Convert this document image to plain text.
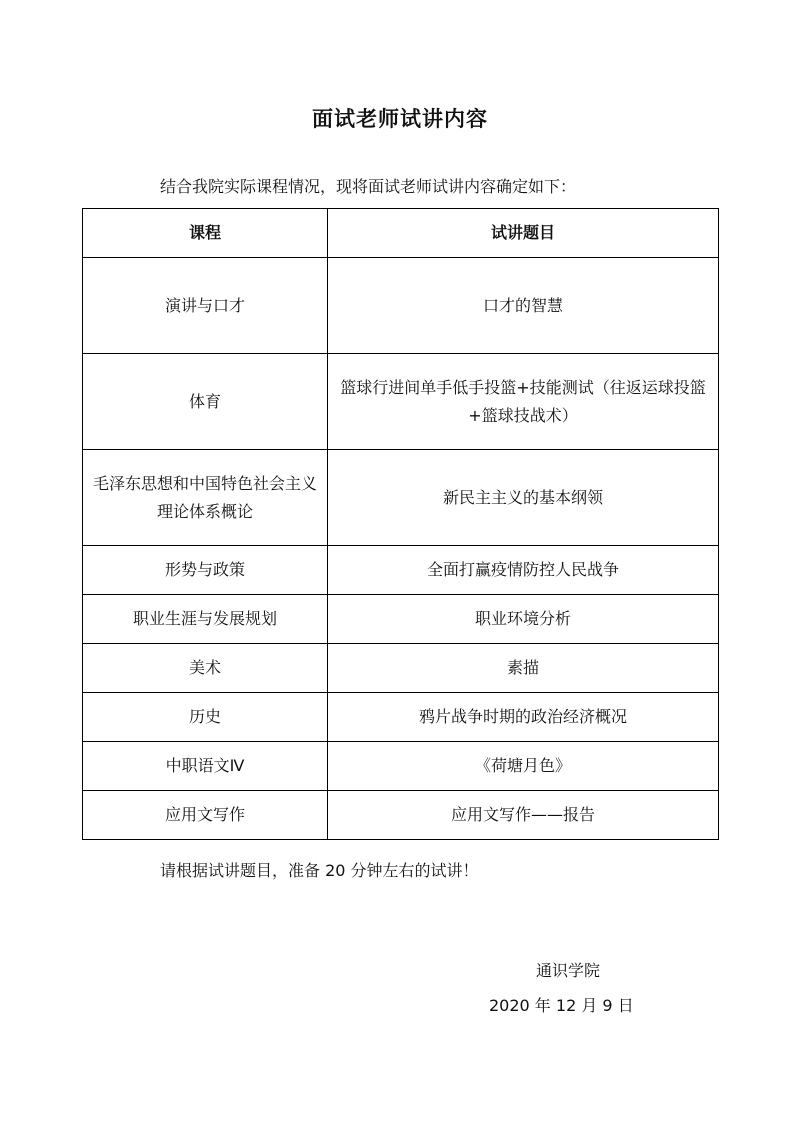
面试老师试讲内容
结合我院实际课程情况，现将面试老师试讲内容确定如下：
课程	试讲题目
演讲与口才	口才的智慧
体育	篮球行进间单手低手投篮+技能测试（往返运球投篮+篮球技战术）
毛泽东思想和中国特色社会主义理论体系概论	新民主主义的基本纲领
形势与政策	全面打赢疫情防控人民战争
职业生涯与发展规划	职业环境分析
美术	素描
历史	鸦片战争时期的政治经济概况
中职语文Ⅳ	《荷塘月色》
应用文写作	应用文写作——报告
请根据试讲题目，准备 20 分钟左右的试讲！
通识学院
2020 年 12 月 9 日
